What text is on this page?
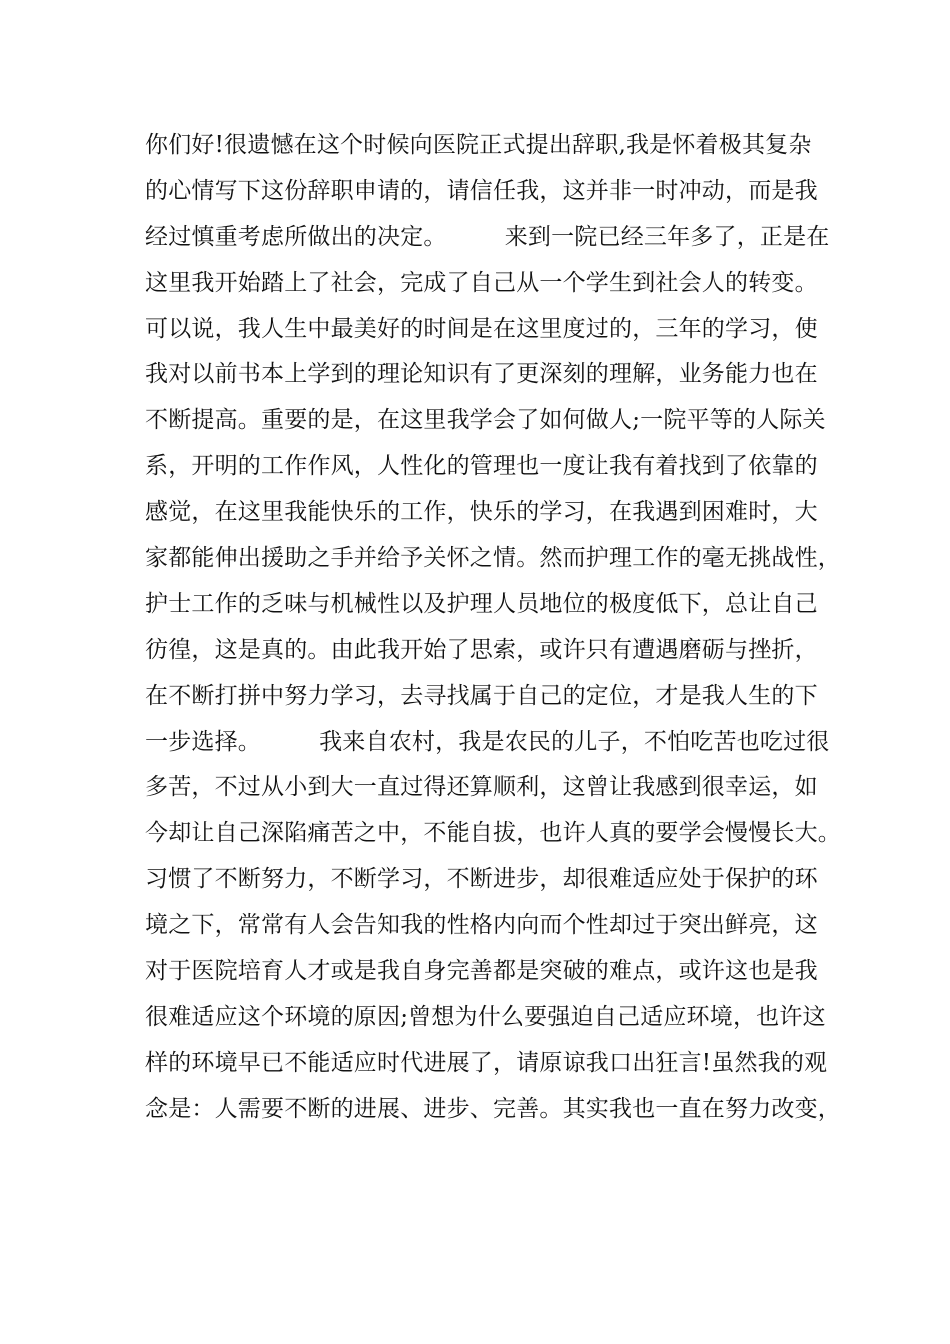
你们好!很遗憾在这个时候向医院正式提出辞职,我是怀着极其复杂
的心情写下这份辞职申请的，请信任我，这并非一时冲动，而是我
经过慎重考虑所做出的决定。　　　来到一院已经三年多了，正是在
这里我开始踏上了社会，完成了自己从一个学生到社会人的转变。
可以说，我人生中最美好的时间是在这里度过的，三年的学习，使
我对以前书本上学到的理论知识有了更深刻的理解，业务能力也在
不断提高。重要的是，在这里我学会了如何做人;一院平等的人际关
系，开明的工作作风，人性化的管理也一度让我有着找到了依靠的
感觉，在这里我能快乐的工作，快乐的学习，在我遇到困难时，大
家都能伸出援助之手并给予关怀之情。然而护理工作的毫无挑战性，
护士工作的乏味与机械性以及护理人员地位的极度低下，总让自己
彷徨，这是真的。由此我开始了思索，或许只有遭遇磨砺与挫折，
在不断打拼中努力学习，去寻找属于自己的定位，才是我人生的下
一步选择。　　　我来自农村，我是农民的儿子，不怕吃苦也吃过很
多苦，不过从小到大一直过得还算顺利，这曾让我感到很幸运，如
今却让自己深陷痛苦之中，不能自拔，也许人真的要学会慢慢长大。
习惯了不断努力，不断学习，不断进步，却很难适应处于保护的环
境之下，常常有人会告知我的性格内向而个性却过于突出鲜亮，这
对于医院培育人才或是我自身完善都是突破的难点，或许这也是我
很难适应这个环境的原因;曾想为什么要强迫自己适应环境，也许这
样的环境早已不能适应时代进展了，请原谅我口出狂言!虽然我的观
念是：人需要不断的进展、进步、完善。其实我也一直在努力改变，
